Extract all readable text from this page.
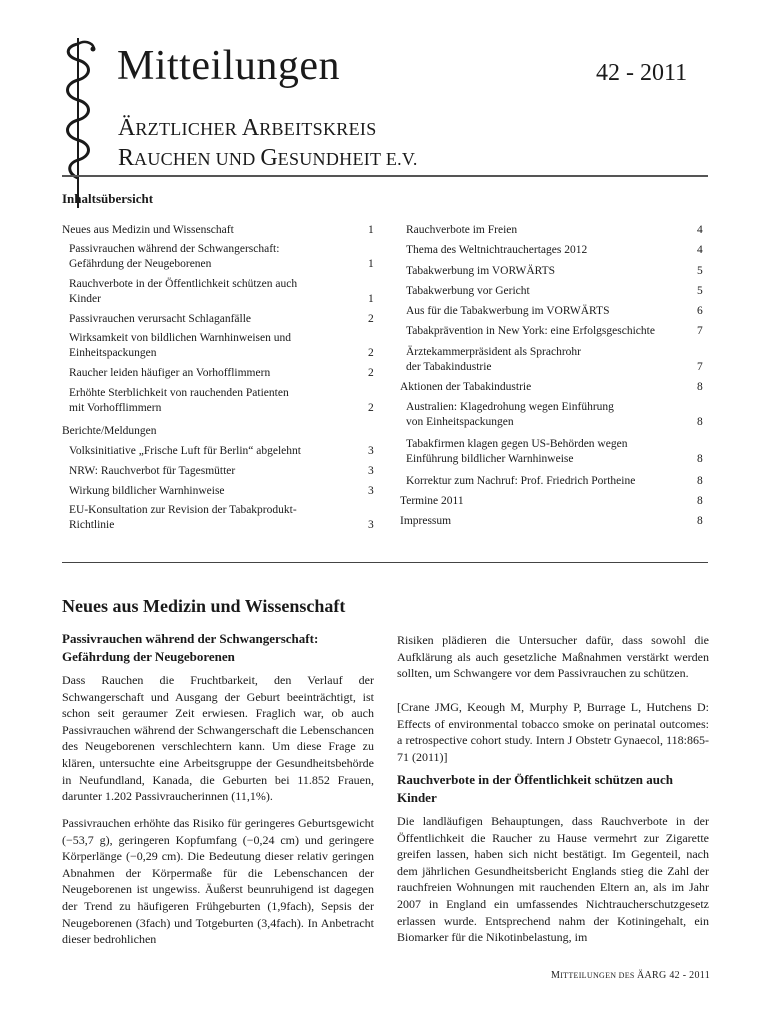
Mitteilungen	42 - 2011
ÄRZTLICHER ARBEITSKREIS
RAUCHEN UND GESUNDHEIT E.V.
Inhaltsübersicht
Neues aus Medizin und Wissenschaft	1
Passivrauchen während der Schwangerschaft:
Gefährdung der Neugeborenen	1
Rauchverbote in der Öffentlichkeit schützen auch
Kinder	1
Passivrauchen verursacht Schlaganfälle	2
Wirksamkeit von bildlichen Warnhinweisen und
Einheitspackungen	2
Raucher leiden häufiger an Vorhofflimmern	2
Erhöhte Sterblichkeit von rauchenden Patienten
mit Vorhofflimmern	2
Berichte/Meldungen
Volksinitiative „Frische Luft für Berlin“ abgelehnt	3
NRW: Rauchverbot für Tagesmütter	3
Wirkung bildlicher Warnhinweise	3
EU-Konsultation zur Revision der Tabakprodukt-
Richtlinie	3
Rauchverbote im Freien	4
Thema des Weltnichtrauchertages 2012	4
Tabakwerbung im VORWÄRTS	5
Tabakwerbung vor Gericht	5
Aus für die Tabakwerbung im VORWÄRTS	6
Tabakprävention in New York: eine Erfolgsgeschichte	7
Ärztekammerpräsident als Sprachrohr
der Tabakindustrie	7
Aktionen der Tabakindustrie	8
Australien: Klagedrohung wegen Einführung
von Einheitspackungen	8
Tabakfirmen klagen gegen US-Behörden wegen
Einführung bildlicher Warnhinweise	8
Korrektur zum Nachruf: Prof. Friedrich Portheine	8
Termine 2011	8
Impressum	8
Neues aus Medizin und Wissenschaft
Passivrauchen während der Schwangerschaft: Gefährdung der Neugeborenen
Dass Rauchen die Fruchtbarkeit, den Verlauf der Schwangerschaft und Ausgang der Geburt beeinträchtigt, ist schon seit geraumer Zeit erwiesen. Fraglich war, ob auch Passivrauchen während der Schwangerschaft die Lebenschancen des Neugeborenen verschlechtern kann. Um diese Frage zu klären, untersuchte eine Arbeitsgruppe der Gesundheitsbehörde in Neufundland, Kanada, die Geburten bei 11.852 Frauen, darunter 1.202 Passivraucherinnen (11,1%).
Passivrauchen erhöhte das Risiko für geringeres Geburtsgewicht (−53,7 g), geringeren Kopfumfang (−0,24 cm) und geringere Körperlänge (−0,29 cm). Die Bedeutung dieser relativ geringen Abnahmen der Körpermaße für die Lebenschancen der Neugeborenen ist ungewiss. Äußerst beunruhigend ist dagegen der Trend zu häufigeren Frühgeburten (1,9fach), Sepsis der Neugeborenen (3fach) und Totgeburten (3,4fach). In Anbetracht dieser bedrohlichen
Risiken plädieren die Untersucher dafür, dass sowohl die Aufklärung als auch gesetzliche Maßnahmen verstärkt werden sollten, um Schwangere vor dem Passivrauchen zu schützen.
[Crane JMG, Keough M, Murphy P, Burrage L, Hutchens D: Effects of environmental tobacco smoke on perinatal outcomes: a retrospective cohort study. Intern J Obstetr Gynaecol, 118:865-71 (2011)]
Rauchverbote in der Öffentlichkeit schützen auch Kinder
Die landläufigen Behauptungen, dass Rauchverbote in der Öffentlichkeit die Raucher zu Hause vermehrt zur Zigarette greifen lassen, haben sich nicht bestätigt. Im Gegenteil, nach dem jährlichen Gesundheitsbericht Englands stieg die Zahl der rauchfreien Wohnungen mit rauchenden Eltern an, als im Jahr 2007 in England ein umfassendes Nichtraucherschutzgesetz erlassen wurde. Entsprechend nahm der Kotiningehalt, ein Biomarker für die Nikotinbelastung, im
MITTEILUNGEN DES ÄARG 42 - 2011
